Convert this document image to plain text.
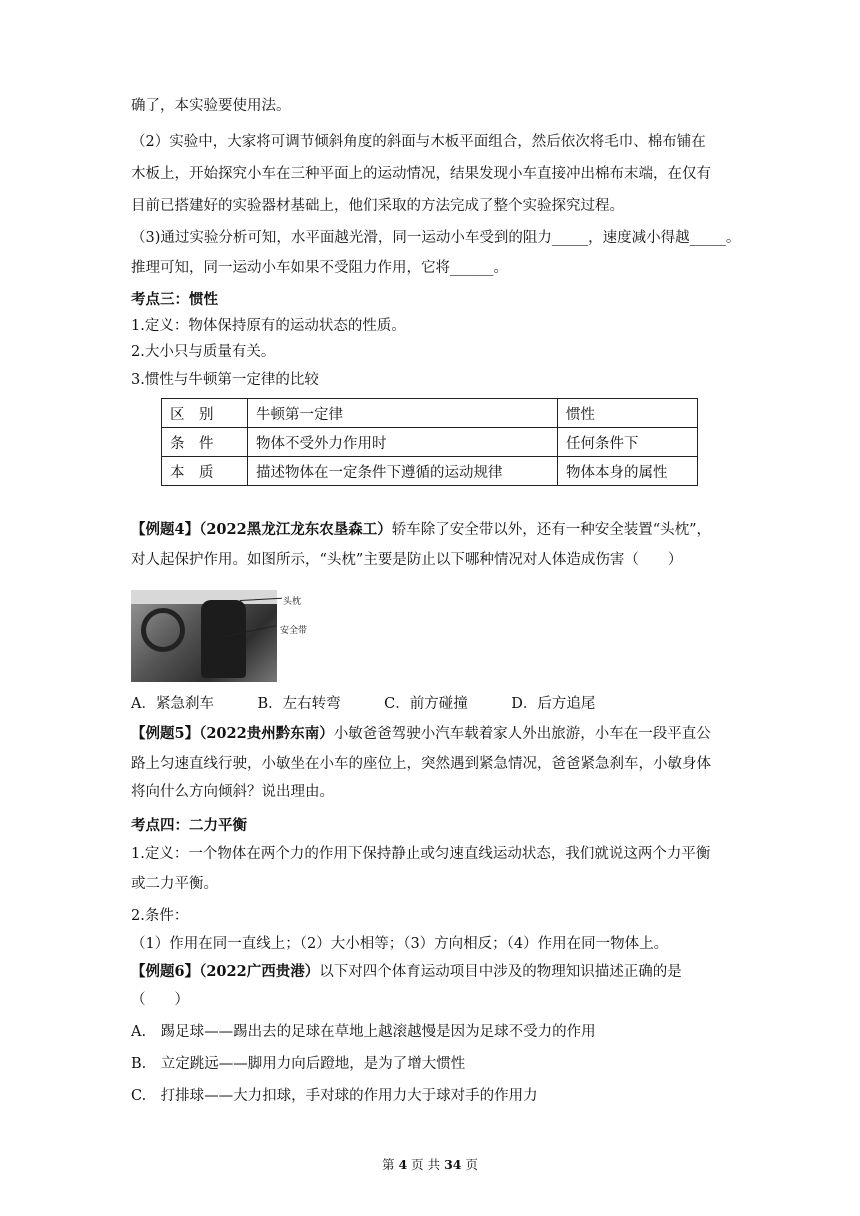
确了，本实验要使用法。
（2）实验中，大家将可调节倾斜角度的斜面与木板平面组合，然后依次将毛巾、棉布铺在
木板上，开始探究小车在三种平面上的运动情况，结果发现小车直接冲出棉布末端，在仅有
目前已搭建好的实验器材基础上，他们采取的方法完成了整个实验探究过程。
（3)通过实验分析可知，水平面越光滑，同一运动小车受到的阻力_____，速度减小得越_____。
推理可知，同一运动小车如果不受阻力作用，它将______。
考点三：惯性
1.定义：物体保持原有的运动状态的性质。
2.大小只与质量有关。
3.惯性与牛顿第一定律的比较
区　别	牛顿第一定律	惯性
条　件	物体不受外力作用时	任何条件下
本　质	描述物体在一定条件下遵循的运动规律	物体本身的属性
【例题4】（2022黑龙江龙东农垦森工）轿车除了安全带以外，还有一种安全装置“头枕”，
对人起保护作用。如图所示，“头枕”主要是防止以下哪种情况对人体造成伤害（　　）
头枕
安全带
A．紧急刹车　　　B．左右转弯　　　C．前方碰撞　　　D．后方追尾
【例题5】（2022贵州黔东南）小敏爸爸驾驶小汽车载着家人外出旅游，小车在一段平直公
路上匀速直线行驶，小敏坐在小车的座位上，突然遇到紧急情况，爸爸紧急刹车，小敏身体
将向什么方向倾斜？说出理由。
考点四：二力平衡
1.定义：一个物体在两个力的作用下保持静止或匀速直线运动状态，我们就说这两个力平衡
或二力平衡。
2.条件：
（1）作用在同一直线上；（2）大小相等；（3）方向相反；（4）作用在同一物体上。
【例题6】（2022广西贵港）以下对四个体育运动项目中涉及的物理知识描述正确的是
（　　）
A.　踢足球——踢出去的足球在草地上越滚越慢是因为足球不受力的作用
B.　立定跳远——脚用力向后蹬地，是为了增大惯性
C.　打排球——大力扣球，手对球的作用力大于球对手的作用力
第 4 页 共 34 页
